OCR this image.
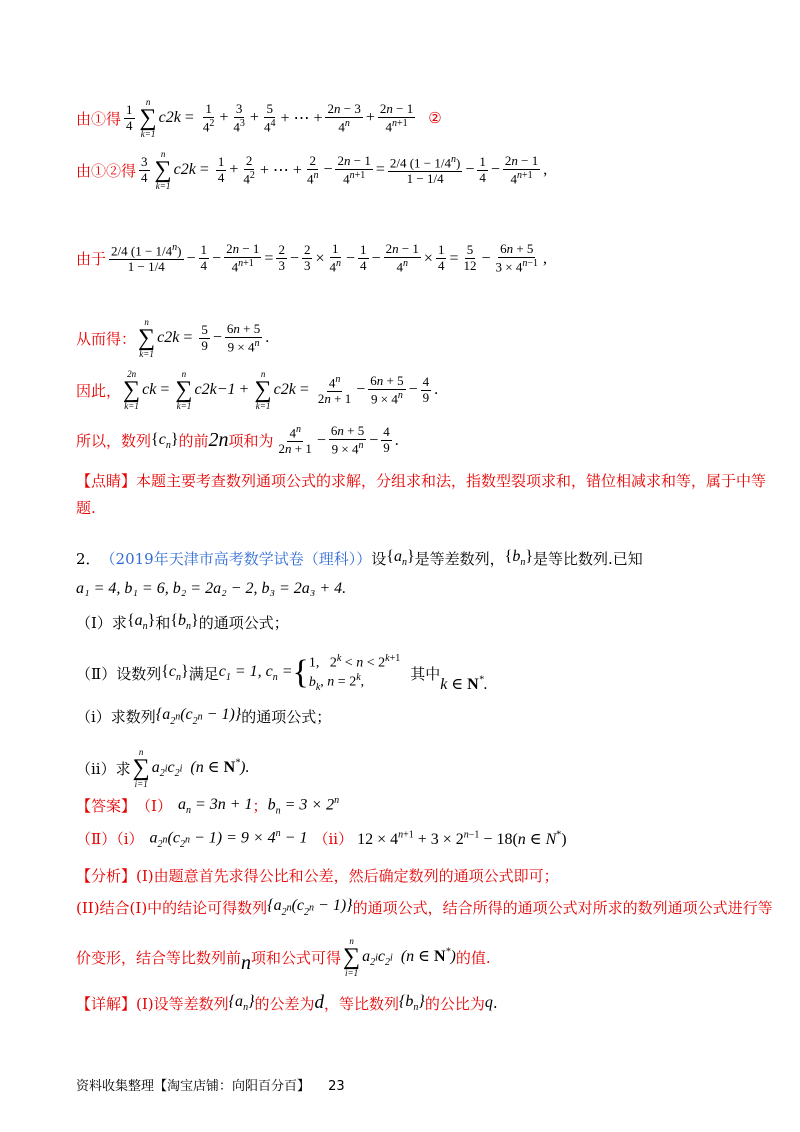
由①得 $\frac{1}{4}$
n
∑
k=1
c $2k = \frac{1}{4^2} + \frac{3}{4^3} + \frac{5}{4^4}$ + ⋯ + $\frac{2n - 3}{4^n} + \frac{2n - 1}{4^{n+1}}$ ②
由①②得 $\frac{3}{4}$
n
∑
k=1
c $2k = \frac{1}{4} + \frac{2}{4^2}$ + ⋯ + $\frac{2}{4^n} - \frac{2n - 1}{4^{n+1}} = \frac{2/4 (1 - 1/4^n)}{1 - 1/4} - \frac{1}{4} - \frac{2n - 1}{4^{n+1}}$ ,
由于 $\frac{2/4 (1 - 1/4^n)}{1 - 1/4} - \frac{1}{4} - \frac{2n - 1}{4^{n+1}} = \frac{2}{3} - \frac{2}{3} \times \frac{1}{4^n} - \frac{1}{4} - \frac{2n - 1}{4^n} \times \frac{1}{4} = \frac{5}{12} - \frac{6n + 5}{3 \times 4^{n-1}}$ ,
从而得：
n
∑
k=1
c $2k = \frac{5}{9} - \frac{6n + 5}{9 \times 4^n}$ .
因此，
2n
∑
k=1
c k =
n
∑
k=1
c 2k−1 +
n
∑
k=1
c $2k = \frac{4^n}{2n + 1} - \frac{6n + 5}{9 \times 4^n} - \frac{4}{9}$ .
所以，数列 $\{c_n\}$ 的前 2n 项和为 $\frac{4^n}{2n + 1} - \frac{6n + 5}{9 \times 4^n} - \frac{4}{9}$ .
【点睛】 本题主要考查数列通项公式的求解，分组求和法，指数型裂项求和，错位相减求和等，属于中等
题.
2． （2019年天津市高考数学试卷（理科）） 设 $\{a_n\}$ 是等差数列， $\{b_n\}$ 是等比数列.已知
a₁ = 4, b₁ = 6, b₂ = 2a₂ − 2, b₃ = 2a₃ + 4.
（Ⅰ）求 $\{a_n\}$ 和 $\{b_n\}$ 的通项公式；
（Ⅱ）设数列 $\{c_n\}$ 满足 $c_1 = 1$, $c_n$ = { 1,   $2^k < n < 2^{k+1}$
$b_k$, $n = 2^k$,	其中
k ∈ N*.
（i）求数列 $\{a_{2^n}(c_{2^n} - 1)\}$ 的通项公式；
（ii）求
n
∑
i=1
$a_{2^i}c_{2^i}$  (n ∈ N*).
【答案】 （Ⅰ） $a_n = 3n + 1$ ； $b_n = 3 \times 2^n$
（Ⅱ）（i） $a_{2^n}(c_{2^n} - 1) = 9 \times 4^n - 1$ （ii） $12 \times 4^{n+1} + 3 \times 2^{n-1} - 18(n$ ∈ N*)
【分析】 (I)由题意首先求得公比和公差，然后确定数列的通项公式即可；
(II)结合(I)中的结论可得数列 $\{a_{2^n}(c_{2^n} - 1)\}$ 的通项公式，结合所得的通项公式对所求的数列通项公式进行等
价变形，结合等比数列前 n 项和公式可得
n
∑
i=1
$a_{2^i}c_{2^i}$  (n ∈ N*) 的值.
【详解】 (I)设等差数列 $\{a_n\}$ 的公差为 d ，等比数列 $\{b_n\}$ 的公比为 q .
资料收集整理【淘宝店铺：向阳百分百】 23
